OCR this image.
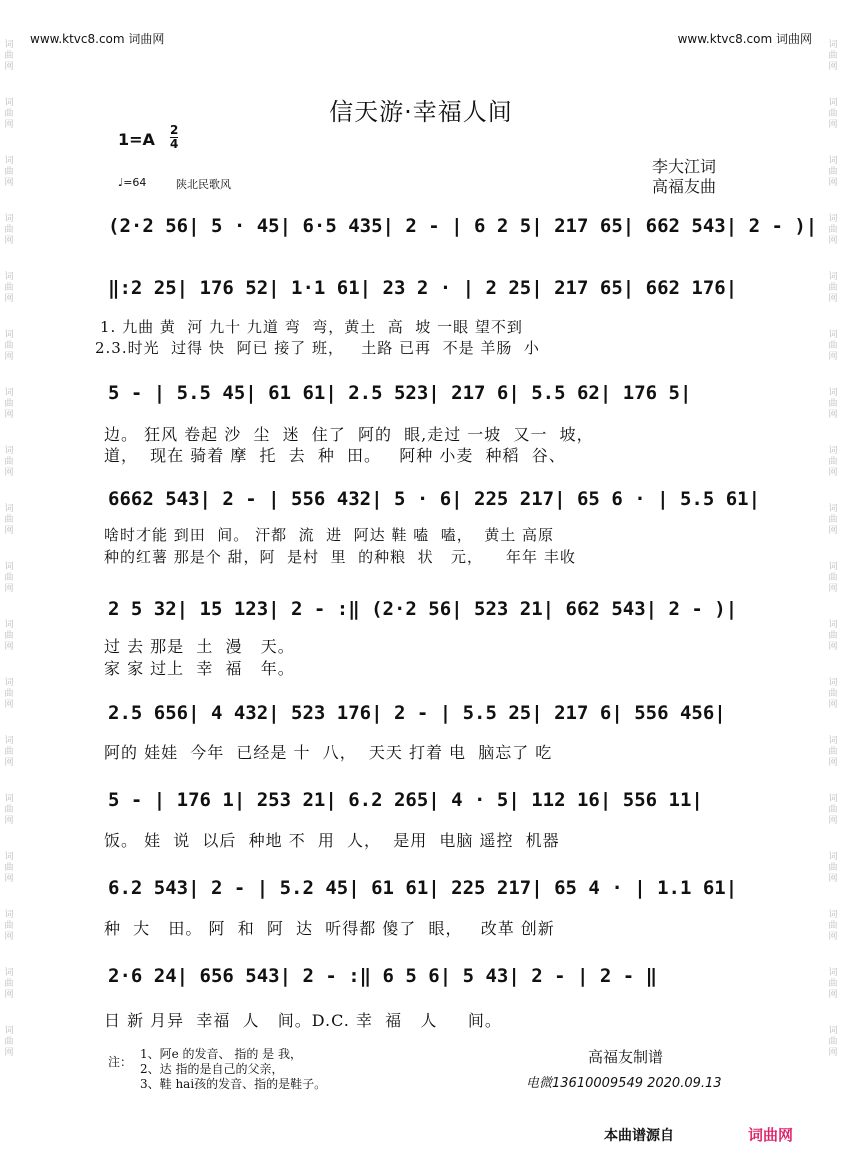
www.ktvc8.com 词曲网	www.ktvc8.com 词曲网
词曲网
词曲网
词曲网
词曲网
词曲网
词曲网
词曲网
词曲网
词曲网
词曲网
词曲网
词曲网
词曲网
词曲网
词曲网
词曲网
词曲网
词曲网
词曲网
词曲网
词曲网
词曲网
词曲网
词曲网
词曲网
词曲网
词曲网
词曲网
词曲网
词曲网
词曲网
词曲网
词曲网
词曲网
词曲网
词曲网
信天游·幸福人间
1=A 2
4
♩=64	陕北民歌风
李大江词
高福友曲
(2·2 56| 5 · 45| 6·5 435| 2 - | 6 2 5| 217 65| 662 543| 2 - )|
‖:2 25| 176 52| 1·1 61| 23 2 · | 2 25| 217 65| 662 176|
1. 九曲 黄  河 九十 九道 弯  弯，黄土  高  坡 一眼 望不到
2.3.时光  过得 快  阿已 接了 班，   土路 已再  不是 羊肠  小
5 - | 5.5 45| 61 61| 2.5 523| 217 6| 5.5 62| 176 5|
边。 狂风 卷起 沙  尘  迷  住了  阿的  眼,走过 一坡  又一  坡，
道，  现在 骑着 摩  托  去  种  田。   阿种 小麦  种稻  谷、
6662 543| 2 - | 556 432| 5 · 6| 225 217| 65 6 · | 5.5 61|
啥时才能 到田  间。 汗都  流  进  阿达 鞋 嗑  嗑，  黄土 高原
种的红薯 那是个 甜，阿  是村  里  的种粮  状   元，    年年 丰收
2 5 32| 15 123| 2 - :‖ (2·2 56| 523 21| 662 543| 2 - )|
过 去 那是  土  漫   天。
家 家 过上  幸  福   年。
2.5 656| 4 432| 523 176| 2 - | 5.5 25| 217 6| 556 456|
阿的 娃娃  今年  已经是 十  八，  天天 打着 电  脑忘了 吃
5 - | 176 1| 253 21| 6.2 265| 4 · 5| 112 16| 556 11|
饭。 娃  说  以后  种地 不  用  人，  是用  电脑 遥控  机器
6.2 543| 2 - | 5.2 45| 61 61| 225 217| 65 4 · | 1.1 61|
种  大   田。 阿  和  阿  达  听得都 傻了  眼，   改革 创新
2·6 24| 656 543| 2 - :‖ 6 5 6| 5 43| 2 - | 2 - ‖
日 新 月异  幸福  人   间。D.C. 幸  福   人     间。
注：
1、阿e 的发音、 指的 是 我，
2、达 指的是自己的父亲，
3、鞋 hai孩的发音、指的是鞋子。
高福友制谱
电微13610009549 2020.09.13
本曲谱源自	词曲网
